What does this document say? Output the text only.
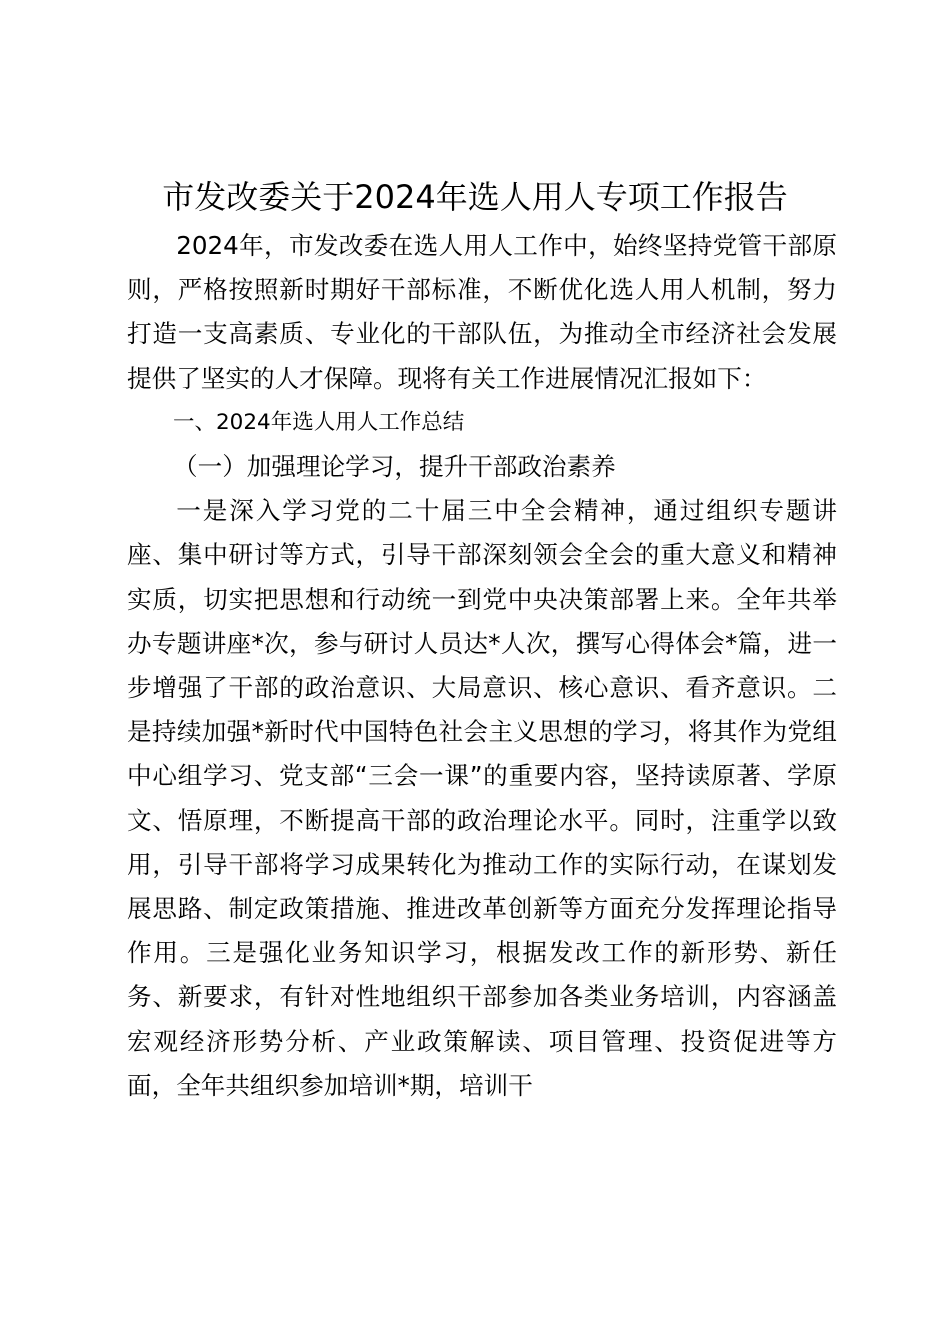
市发改委关于2024年选人用人专项工作报告

2024年，市发改委在选人用人工作中，始终坚持党管干部原则，严格按照新时期好干部标准，不断优化选人用人机制，努力打造一支高素质、专业化的干部队伍，为推动全市经济社会发展提供了坚实的人才保障。现将有关工作进展情况汇报如下：

一、2024年选人用人工作总结

（一）加强理论学习，提升干部政治素养

一是深入学习党的二十届三中全会精神，通过组织专题讲座、集中研讨等方式，引导干部深刻领会全会的重大意义和精神实质，切实把思想和行动统一到党中央决策部署上来。全年共举办专题讲座*次，参与研讨人员达*人次，撰写心得体会*篇，进一步增强了干部的政治意识、大局意识、核心意识、看齐意识。二是持续加强*新时代中国特色社会主义思想的学习，将其作为党组中心组学习、党支部“三会一课”的重要内容，坚持读原著、学原文、悟原理，不断提高干部的政治理论水平。同时，注重学以致用，引导干部将学习成果转化为推动工作的实际行动，在谋划发展思路、制定政策措施、推进改革创新等方面充分发挥理论指导作用。三是强化业务知识学习，根据发改工作的新形势、新任务、新要求，有针对性地组织干部参加各类业务培训，内容涵盖宏观经济形势分析、产业政策解读、项目管理、投资促进等方面，全年共组织参加培训*期，培训干
